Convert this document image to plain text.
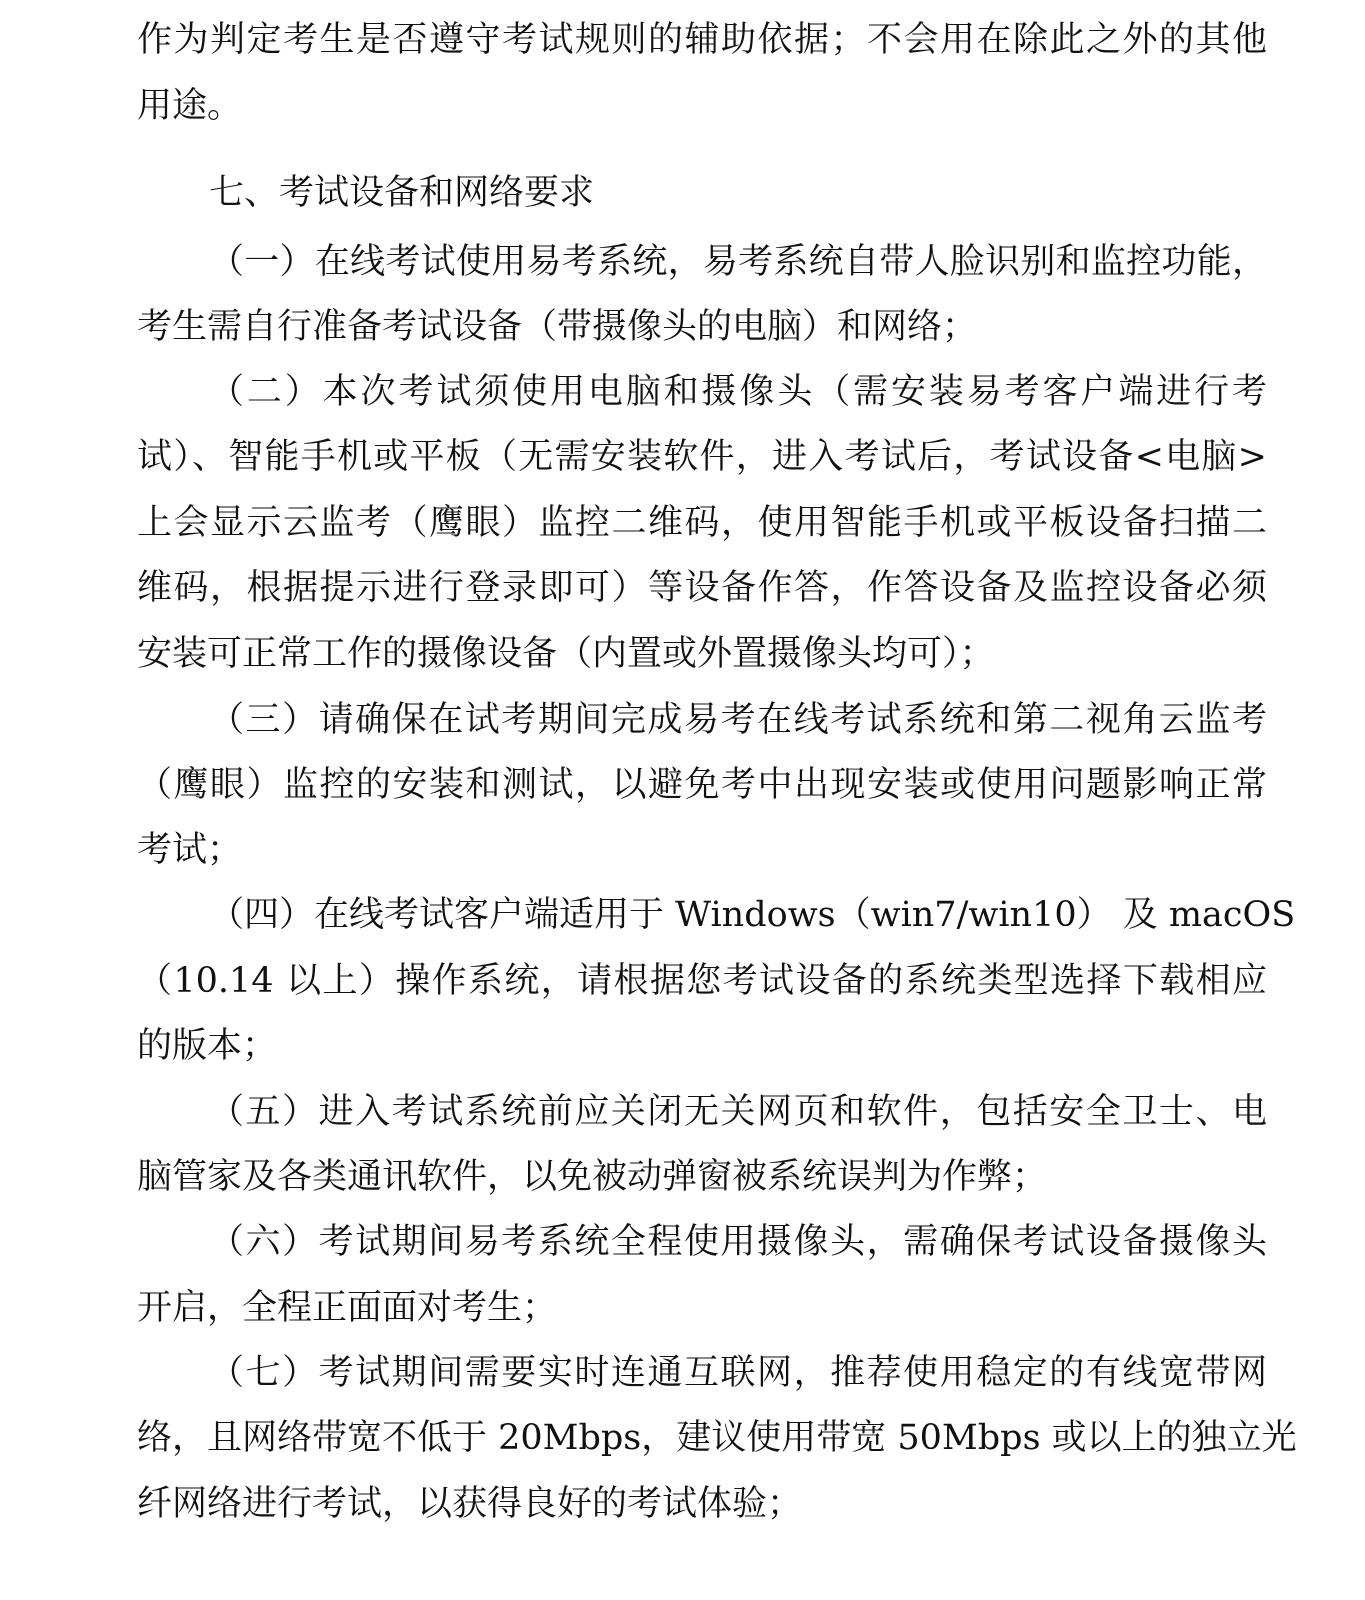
作为判定考生是否遵守考试规则的辅助依据；不会用在除此之外的其他
用途。
七、考试设备和网络要求
（一）在线考试使用易考系统，易考系统自带人脸识别和监控功能，
考生需自行准备考试设备（带摄像头的电脑）和网络；
（二）本次考试须使用电脑和摄像头（需安装易考客户端进行考
试）、智能手机或平板（无需安装软件，进入考试后，考试设备<电脑>
上会显示云监考（鹰眼）监控二维码，使用智能手机或平板设备扫描二
维码，根据提示进行登录即可）等设备作答，作答设备及监控设备必须
安装可正常工作的摄像设备（内置或外置摄像头均可）；
（三）请确保在试考期间完成易考在线考试系统和第二视角云监考
（鹰眼）监控的安装和测试，以避免考中出现安装或使用问题影响正常
考试；
（四）在线考试客户端适用于 Windows（win7/win10） 及 macOS
（10.14 以上）操作系统，请根据您考试设备的系统类型选择下载相应
的版本；
（五）进入考试系统前应关闭无关网页和软件，包括安全卫士、电
脑管家及各类通讯软件，以免被动弹窗被系统误判为作弊；
（六）考试期间易考系统全程使用摄像头，需确保考试设备摄像头
开启，全程正面面对考生；
（七）考试期间需要实时连通互联网，推荐使用稳定的有线宽带网
络，且网络带宽不低于 20Mbps，建议使用带宽 50Mbps 或以上的独立光
纤网络进行考试，以获得良好的考试体验；
